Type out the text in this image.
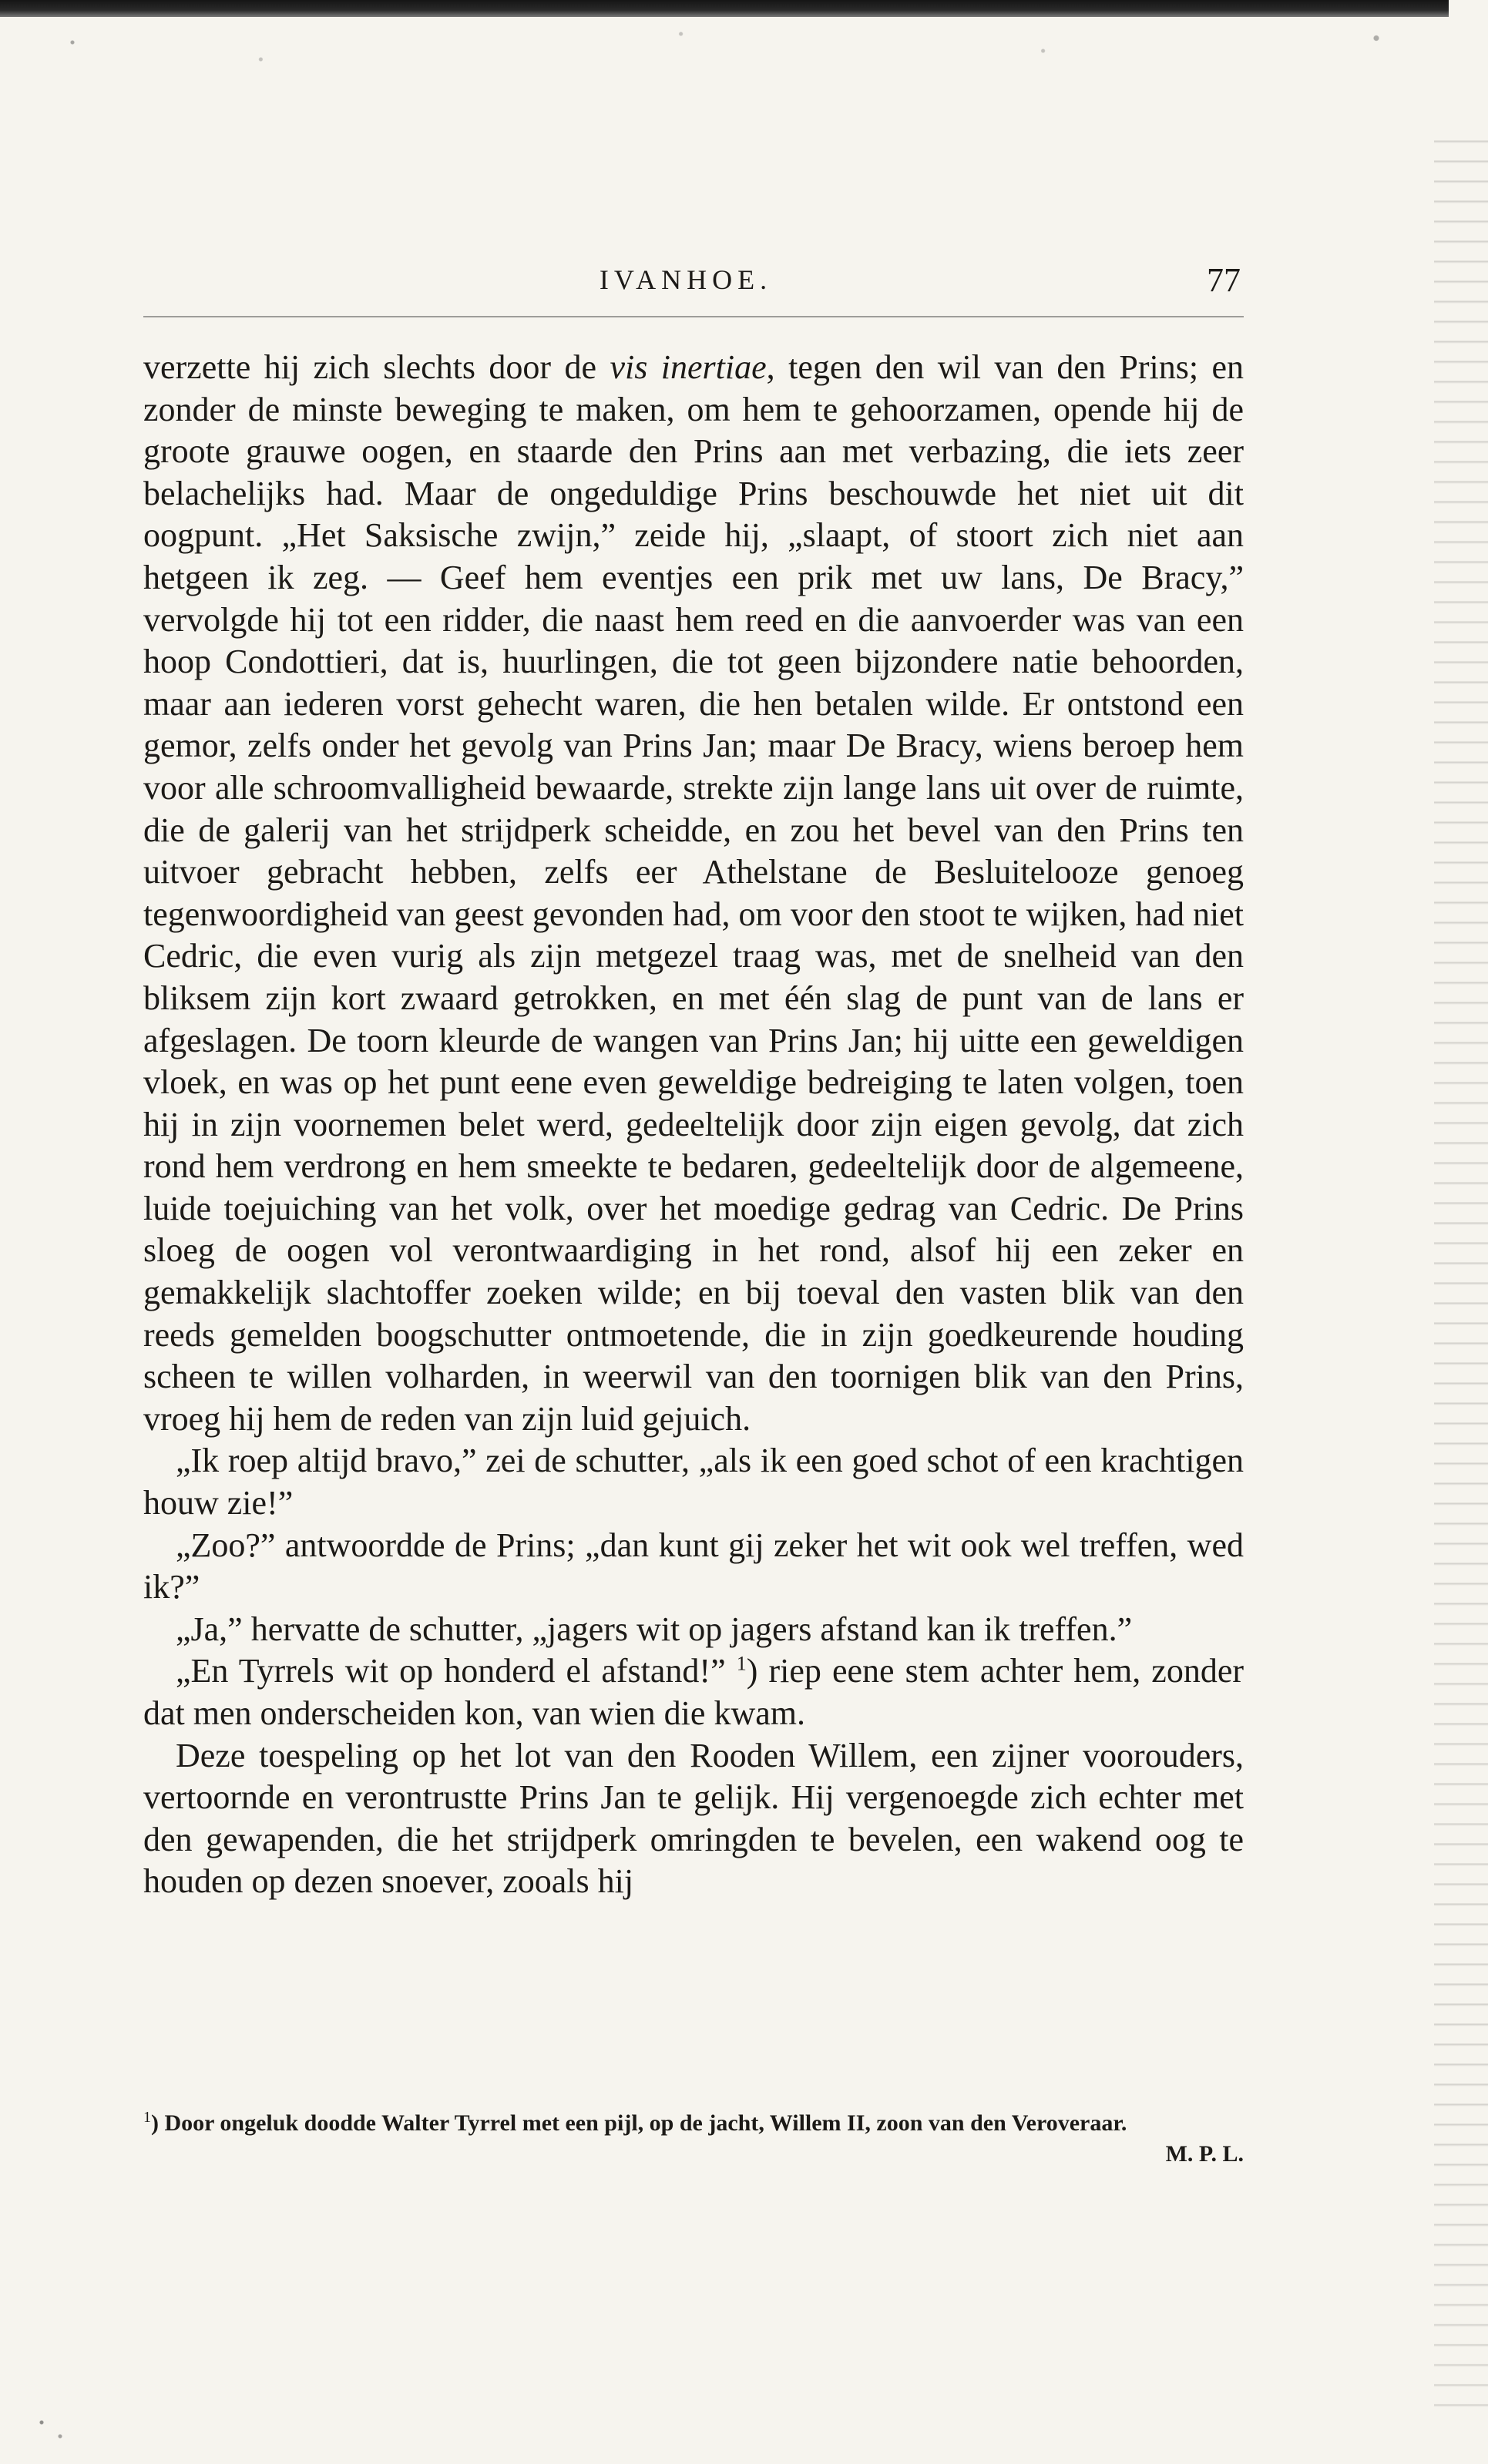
IVANHOE.	77

verzette hij zich slechts door de vis inertiae, tegen den wil van den Prins; en zonder de minste beweging te maken, om hem te gehoorzamen, opende hij de groote grauwe oogen, en staarde den Prins aan met verbazing, die iets zeer belachelijks had. Maar de ongeduldige Prins beschouwde het niet uit dit oogpunt. „Het Saksische zwijn,” zeide hij, „slaapt, of stoort zich niet aan hetgeen ik zeg. — Geef hem eventjes een prik met uw lans, De Bracy,” vervolgde hij tot een ridder, die naast hem reed en die aanvoerder was van een hoop Condottieri, dat is, huurlingen, die tot geen bijzondere natie behoorden, maar aan iederen vorst gehecht waren, die hen betalen wilde. Er ontstond een gemor, zelfs onder het gevolg van Prins Jan; maar De Bracy, wiens beroep hem voor alle schroomvalligheid bewaarde, strekte zijn lange lans uit over de ruimte, die de galerij van het strijdperk scheidde, en zou het bevel van den Prins ten uitvoer gebracht hebben, zelfs eer Athelstane de Besluitelooze genoeg tegenwoordigheid van geest gevonden had, om voor den stoot te wijken, had niet Cedric, die even vurig als zijn metgezel traag was, met de snelheid van den bliksem zijn kort zwaard getrokken, en met één slag de punt van de lans er afgeslagen. De toorn kleurde de wangen van Prins Jan; hij uitte een geweldigen vloek, en was op het punt eene even geweldige bedreiging te laten volgen, toen hij in zijn voornemen belet werd, gedeeltelijk door zijn eigen gevolg, dat zich rond hem verdrong en hem smeekte te bedaren, gedeeltelijk door de algemeene, luide toejuiching van het volk, over het moedige gedrag van Cedric. De Prins sloeg de oogen vol verontwaardiging in het rond, alsof hij een zeker en gemakkelijk slachtoffer zoeken wilde; en bij toeval den vasten blik van den reeds gemelden boogschutter ontmoetende, die in zijn goedkeurende houding scheen te willen volharden, in weerwil van den toornigen blik van den Prins, vroeg hij hem de reden van zijn luid gejuich.

„Ik roep altijd bravo,” zei de schutter, „als ik een goed schot of een krachtigen houw zie!”

„Zoo?” antwoordde de Prins; „dan kunt gij zeker het wit ook wel treffen, wed ik?”

„Ja,” hervatte de schutter, „jagers wit op jagers afstand kan ik treffen.”

„En Tyrrels wit op honderd el afstand!” $^1$) riep eene stem achter hem, zonder dat men onderscheiden kon, van wien die kwam.

Deze toespeling op het lot van den Rooden Willem, een zijner voorouders, vertoornde en verontrustte Prins Jan te gelijk. Hij vergenoegde zich echter met den gewapenden, die het strijdperk omringden te bevelen, een wakend oog te houden op dezen snoever, zooals hij

$^1$) Door ongeluk doodde Walter Tyrrel met een pijl, op de jacht, Willem II, zoon van den Veroveraar.
M. P. L.
